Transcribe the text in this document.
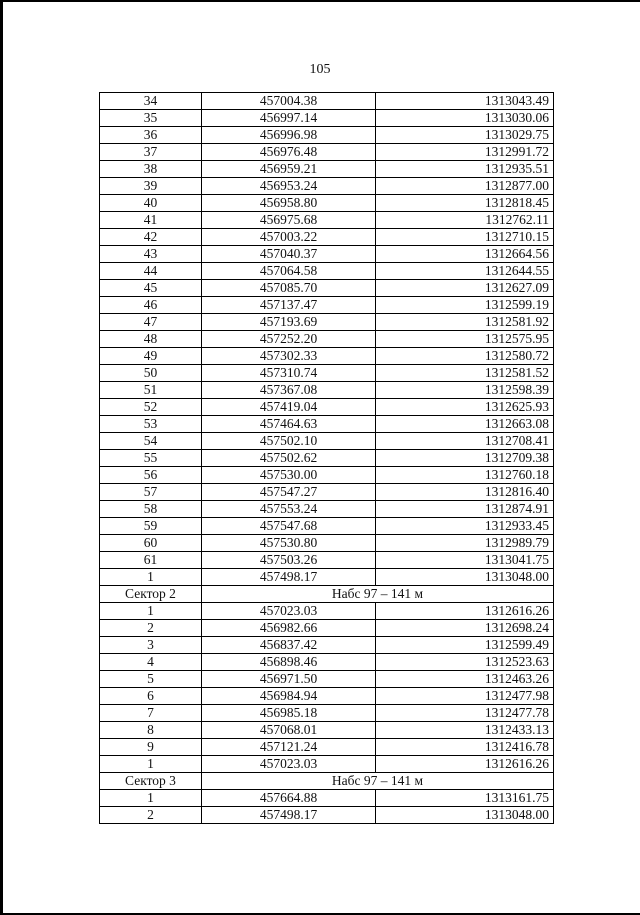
105
34	457004.38	1313043.49
35	456997.14	1313030.06
36	456996.98	1313029.75
37	456976.48	1312991.72
38	456959.21	1312935.51
39	456953.24	1312877.00
40	456958.80	1312818.45
41	456975.68	1312762.11
42	457003.22	1312710.15
43	457040.37	1312664.56
44	457064.58	1312644.55
45	457085.70	1312627.09
46	457137.47	1312599.19
47	457193.69	1312581.92
48	457252.20	1312575.95
49	457302.33	1312580.72
50	457310.74	1312581.52
51	457367.08	1312598.39
52	457419.04	1312625.93
53	457464.63	1312663.08
54	457502.10	1312708.41
55	457502.62	1312709.38
56	457530.00	1312760.18
57	457547.27	1312816.40
58	457553.24	1312874.91
59	457547.68	1312933.45
60	457530.80	1312989.79
61	457503.26	1313041.75
1	457498.17	1313048.00
Сектор 2	Набс 97 – 141 м	
1	457023.03	1312616.26
2	456982.66	1312698.24
3	456837.42	1312599.49
4	456898.46	1312523.63
5	456971.50	1312463.26
6	456984.94	1312477.98
7	456985.18	1312477.78
8	457068.01	1312433.13
9	457121.24	1312416.78
1	457023.03	1312616.26
Сектор 3	Набс 97 – 141 м	
1	457664.88	1313161.75
2	457498.17	1313048.00
